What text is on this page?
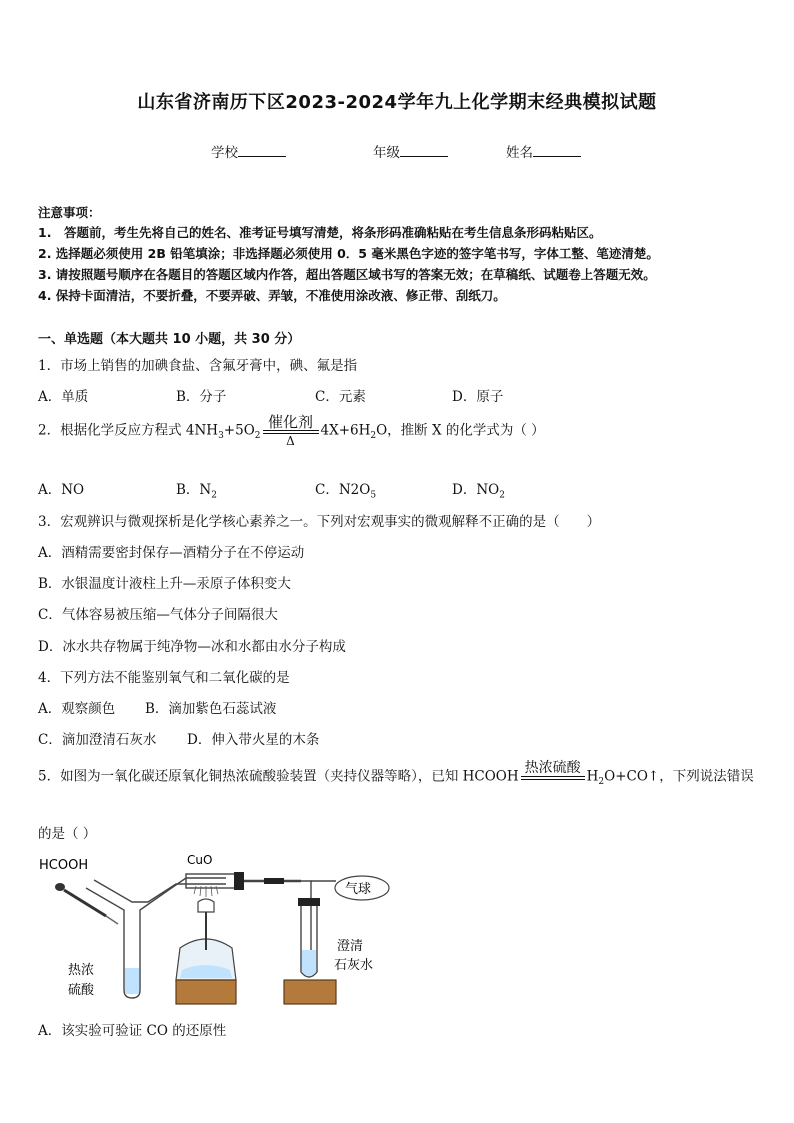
山东省济南历下区2023-2024学年九上化学期末经典模拟试题
学校	年级	姓名
注意事项：
1.　答题前，考生先将自己的姓名、准考证号填写清楚，将条形码准确粘贴在考生信息条形码粘贴区。
2. 选择题必须使用 2B 铅笔填涂；非选择题必须使用 0．5 毫米黑色字迹的签字笔书写，字体工整、笔迹清楚。
3. 请按照题号顺序在各题目的答题区域内作答，超出答题区域书写的答案无效；在草稿纸、试题卷上答题无效。
4. 保持卡面清洁，不要折叠，不要弄破、弄皱，不准使用涂改液、修正带、刮纸刀。
一、单选题（本大题共 10 小题，共 30 分）
1．市场上销售的加碘食盐、含氟牙膏中，碘、氟是指
A．单质	B．分子	C．元素	D．原子
2．根据化学反应方程式 $4NH_3+5O_2$
催化剂
Δ
$4X+6H_2O$，推断 X 的化学式为（ ）
A．NO	B．$N_2$	C．$N2O_5$	D．$NO_2$
3．宏观辨识与微观探析是化学核心素养之一。下列对宏观事实的微观解释不正确的是（　　）
A．酒精需要密封保存—酒精分子在不停运动
B．水银温度计液柱上升—汞原子体积变大
C．气体容易被压缩—气体分子间隔很大
D．冰水共存物属于纯净物—冰和水都由水分子构成
4．下列方法不能鉴别氧气和二氧化碳的是
A．观察颜色 B．滴加紫色石蕊试液
C．滴加澄清石灰水 D．伸入带火星的木条
5．如图为一氧化碳还原氧化铜热浓硫酸验装置（夹持仪器等略），已知 HCOOH
热浓硫酸

$H_2O+CO↑$，下列说法错误
的是（ ）
HCOOH	CuO
热浓
硫酸
澄清
石灰水
气球
A．该实验可验证 CO 的还原性
